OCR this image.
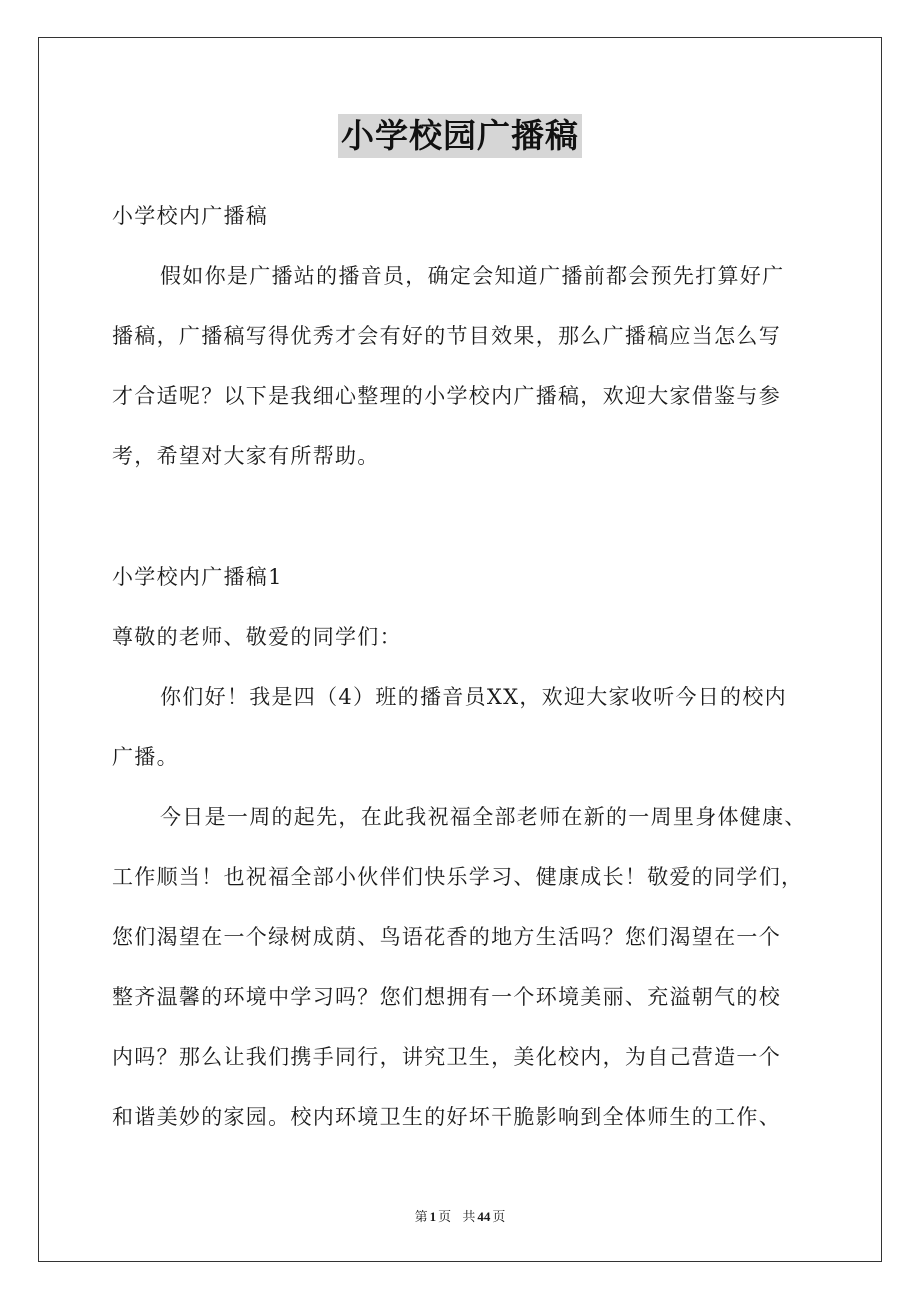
小学校园广播稿
小学校内广播稿
假如你是广播站的播音员，确定会知道广播前都会预先打算好广
播稿，广播稿写得优秀才会有好的节目效果，那么广播稿应当怎么写
才合适呢？以下是我细心整理的小学校内广播稿，欢迎大家借鉴与参
考，希望对大家有所帮助。
小学校内广播稿1
尊敬的老师、敬爱的同学们：
你们好！我是四（4）班的播音员XX，欢迎大家收听今日的校内
广播。
今日是一周的起先，在此我祝福全部老师在新的一周里身体健康、
工作顺当！也祝福全部小伙伴们快乐学习、健康成长！敬爱的同学们，
您们渴望在一个绿树成荫、鸟语花香的地方生活吗？您们渴望在一个
整齐温馨的环境中学习吗？您们想拥有一个环境美丽、充溢朝气的校
内吗？那么让我们携手同行，讲究卫生，美化校内，为自己营造一个
和谐美妙的家园。校内环境卫生的好坏干脆影响到全体师生的工作、
第 1 页 共 44 页
